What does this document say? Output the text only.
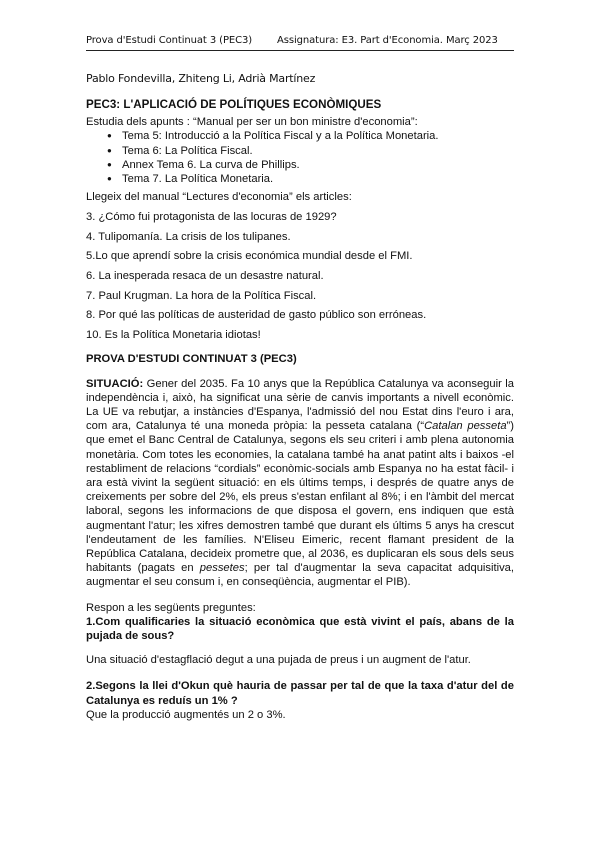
Prova d'Estudi Continuat 3 (PEC3) Assignatura: E3. Part d'Economia. Març 2023
Pablo Fondevilla, Zhiteng Li, Adrià Martínez

PEC3: L'APLICACIÓ DE POLÍTIQUES ECONÒMIQUES

Estudia dels apunts : “Manual per ser un bon ministre d'economia”:

● Tema 5: Introducció a la Política Fiscal y a la Política Monetaria.
● Tema 6: La Política Fiscal.
● Annex Tema 6. La curva de Phillips.
● Tema 7. La Política Monetaria.

Llegeix del manual “Lectures d'economia” els articles:

3. ¿Cómo fui protagonista de las locuras de 1929?

4. Tulipomanía. La crisis de los tulipanes.

5.Lo que aprendí sobre la crisis económica mundial desde el FMI.

6. La inesperada resaca de un desastre natural.

7. Paul Krugman. La hora de la Política Fiscal.

8. Por qué las políticas de austeridad de gasto público son erróneas.

10. Es la Política Monetaria idiotas!

PROVA D'ESTUDI CONTINUAT 3 (PEC3)

SITUACIÓ: Gener del 2035. Fa 10 anys que la República Catalunya va aconseguir la independència i, això, ha significat una sèrie de canvis importants a nivell econòmic. La UE va rebutjar, a instàncies d'Espanya, l'admissió del nou Estat dins l'euro i ara, com ara, Catalunya té una moneda pròpia: la pesseta catalana (“Catalan pesseta”) que emet el Banc Central de Catalunya, segons els seu criteri i amb plena autonomia monetària. Com totes les economies, la catalana també ha anat patint alts i baixos -el restabliment de relacions “cordials” econòmic-socials amb Espanya no ha estat fàcil- i ara està vivint la següent situació: en els últims temps, i després de quatre anys de creixements per sobre del 2%, els preus s'estan enfilant al 8%; i en l'àmbit del mercat laboral, segons les informacions de que disposa el govern, ens indiquen que està augmentant l'atur; les xifres demostren també que durant els últims 5 anys ha crescut l'endeutament de les famílies. N'Eliseu Eimeric, recent flamant president de la República Catalana, decideix prometre que, al 2036, es duplicaran els sous dels seus habitants (pagats en pessetes; per tal d'augmentar la seva capacitat adquisitiva, augmentar el seu consum i, en conseqüència, augmentar el PIB).

Respon a les següents preguntes:

1.Com qualificaries la situació econòmica que està vivint el país, abans de la pujada de sous?

Una situació d'estagflació degut a una pujada de preus i un augment de l'atur.

2.Segons la llei d'Okun què hauria de passar per tal de que la taxa d'atur del de Catalunya es reduís un 1% ?

Que la producció augmentés un 2 o 3%.
